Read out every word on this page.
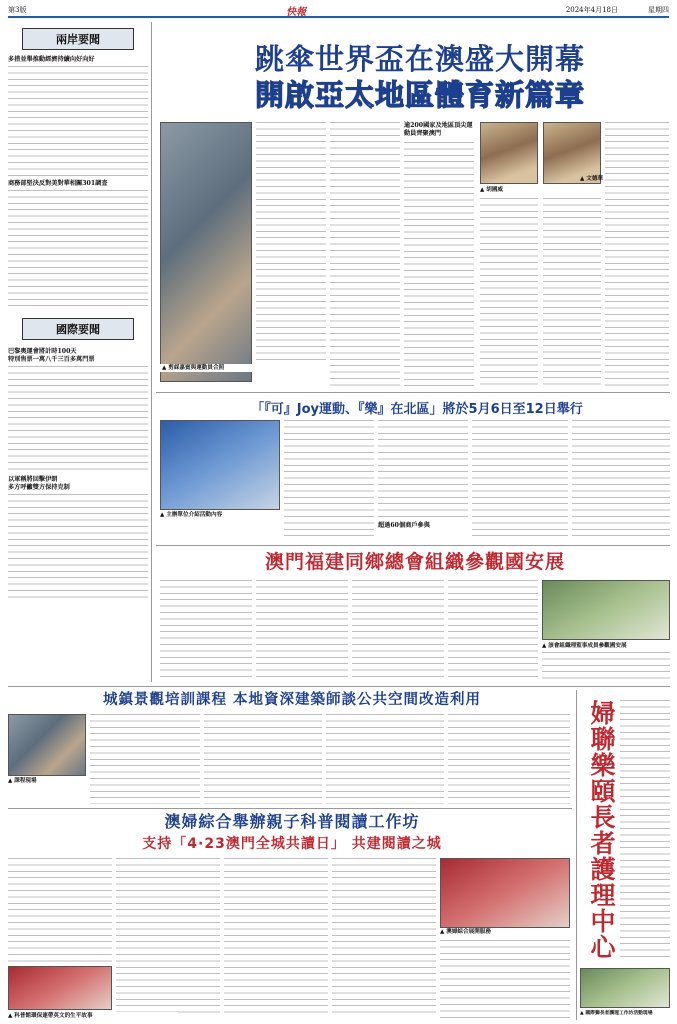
第3版	快報	2024年4月18日	星期四
兩岸要聞
多措並舉推動經濟持續向好向好
商務部堅決反對美對華相關301調查
國際要聞
巴黎奧運會將計時100天
特別售票一萬八千三百多萬門票
以軍稱將回擊伊朗
多方呼籲雙方保持克制
跳傘世界盃在澳盛大開幕
開啟亞太地區體育新篇章
▲ 剪綵嘉賓與運動員合照
逾200國家及地區頂尖運動員齊聚澳門
▲ 胡國威
▲ 文德華
「『可』Joy運動、『樂』在北區」將於5月6日至12日舉行
▲ 主辦單位介紹活動內容
超過60個商戶參與
澳門福建同鄉總會組織參觀國安展
▲ 該會組織理監事成員參觀國安展
城鎮景觀培訓課程 本地資深建築師談公共空間改造利用
▲ 課程現場
澳婦綜合舉辦親子科普閱讀工作坊
支持「4·23澳門全城共讀日」 共建閱讀之城
▲ 科普館環保連帶英文的生平故事
▲ 澳婦綜合展開服務	婦聯樂頤長者護理中心
▲ 國際獅長者護理工作坊活動現場
